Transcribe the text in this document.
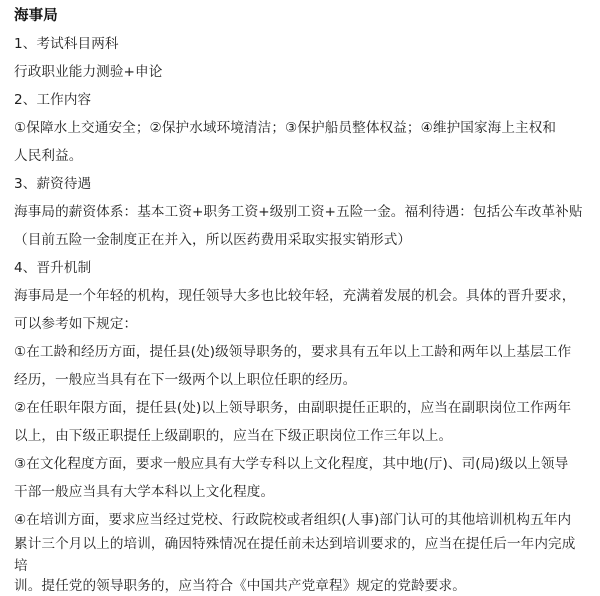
海事局
1、考试科目两科
行政职业能力测验+申论
2、工作内容
①保障水上交通安全；②保护水域环境清洁；③保护船员整体权益；④维护国家海上主权和
人民利益。
3、薪资待遇
海事局的薪资体系：基本工资+职务工资+级别工资+五险一金。福利待遇：包括公车改革补贴
（目前五险一金制度正在并入，所以医药费用采取实报实销形式）
4、晋升机制
海事局是一个年轻的机构，现任领导大多也比较年轻，充满着发展的机会。具体的晋升要求，
可以参考如下规定：
①在工龄和经历方面，提任县(处)级领导职务的，要求具有五年以上工龄和两年以上基层工作
经历，一般应当具有在下一级两个以上职位任职的经历。
②在任职年限方面，提任县(处)以上领导职务，由副职提任正职的，应当在副职岗位工作两年
以上，由下级正职提任上级副职的，应当在下级正职岗位工作三年以上。
③在文化程度方面，要求一般应具有大学专科以上文化程度，其中地(厅)、司(局)级以上领导
干部一般应当具有大学本科以上文化程度。
④在培训方面，要求应当经过党校、行政院校或者组织(人事)部门认可的其他培训机构五年内
累计三个月以上的培训，确因特殊情况在提任前未达到培训要求的，应当在提任后一年内完成
培
训。提任党的领导职务的，应当符合《中国共产党章程》规定的党龄要求。
